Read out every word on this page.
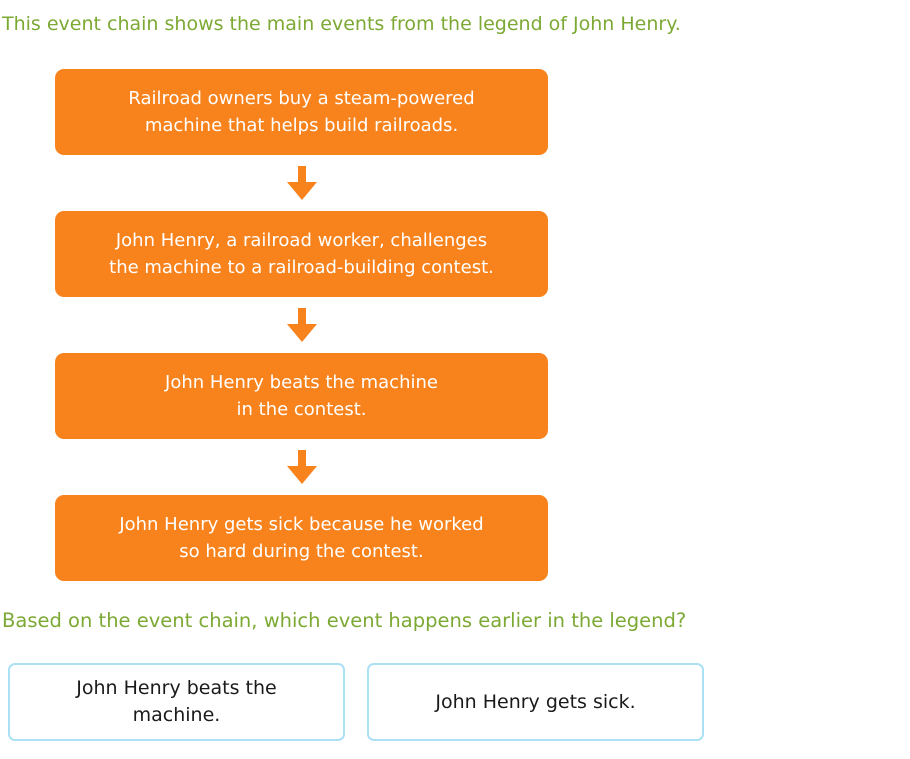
This event chain shows the main events from the legend of John Henry.
Railroad owners buy a steam-powered
machine that helps build railroads.
John Henry, a railroad worker, challenges
the machine to a railroad-building contest.
John Henry beats the machine
in the contest.
John Henry gets sick because he worked
so hard during the contest.
Based on the event chain, which event happens earlier in the legend?
John Henry beats the
machine.
John Henry gets sick.
